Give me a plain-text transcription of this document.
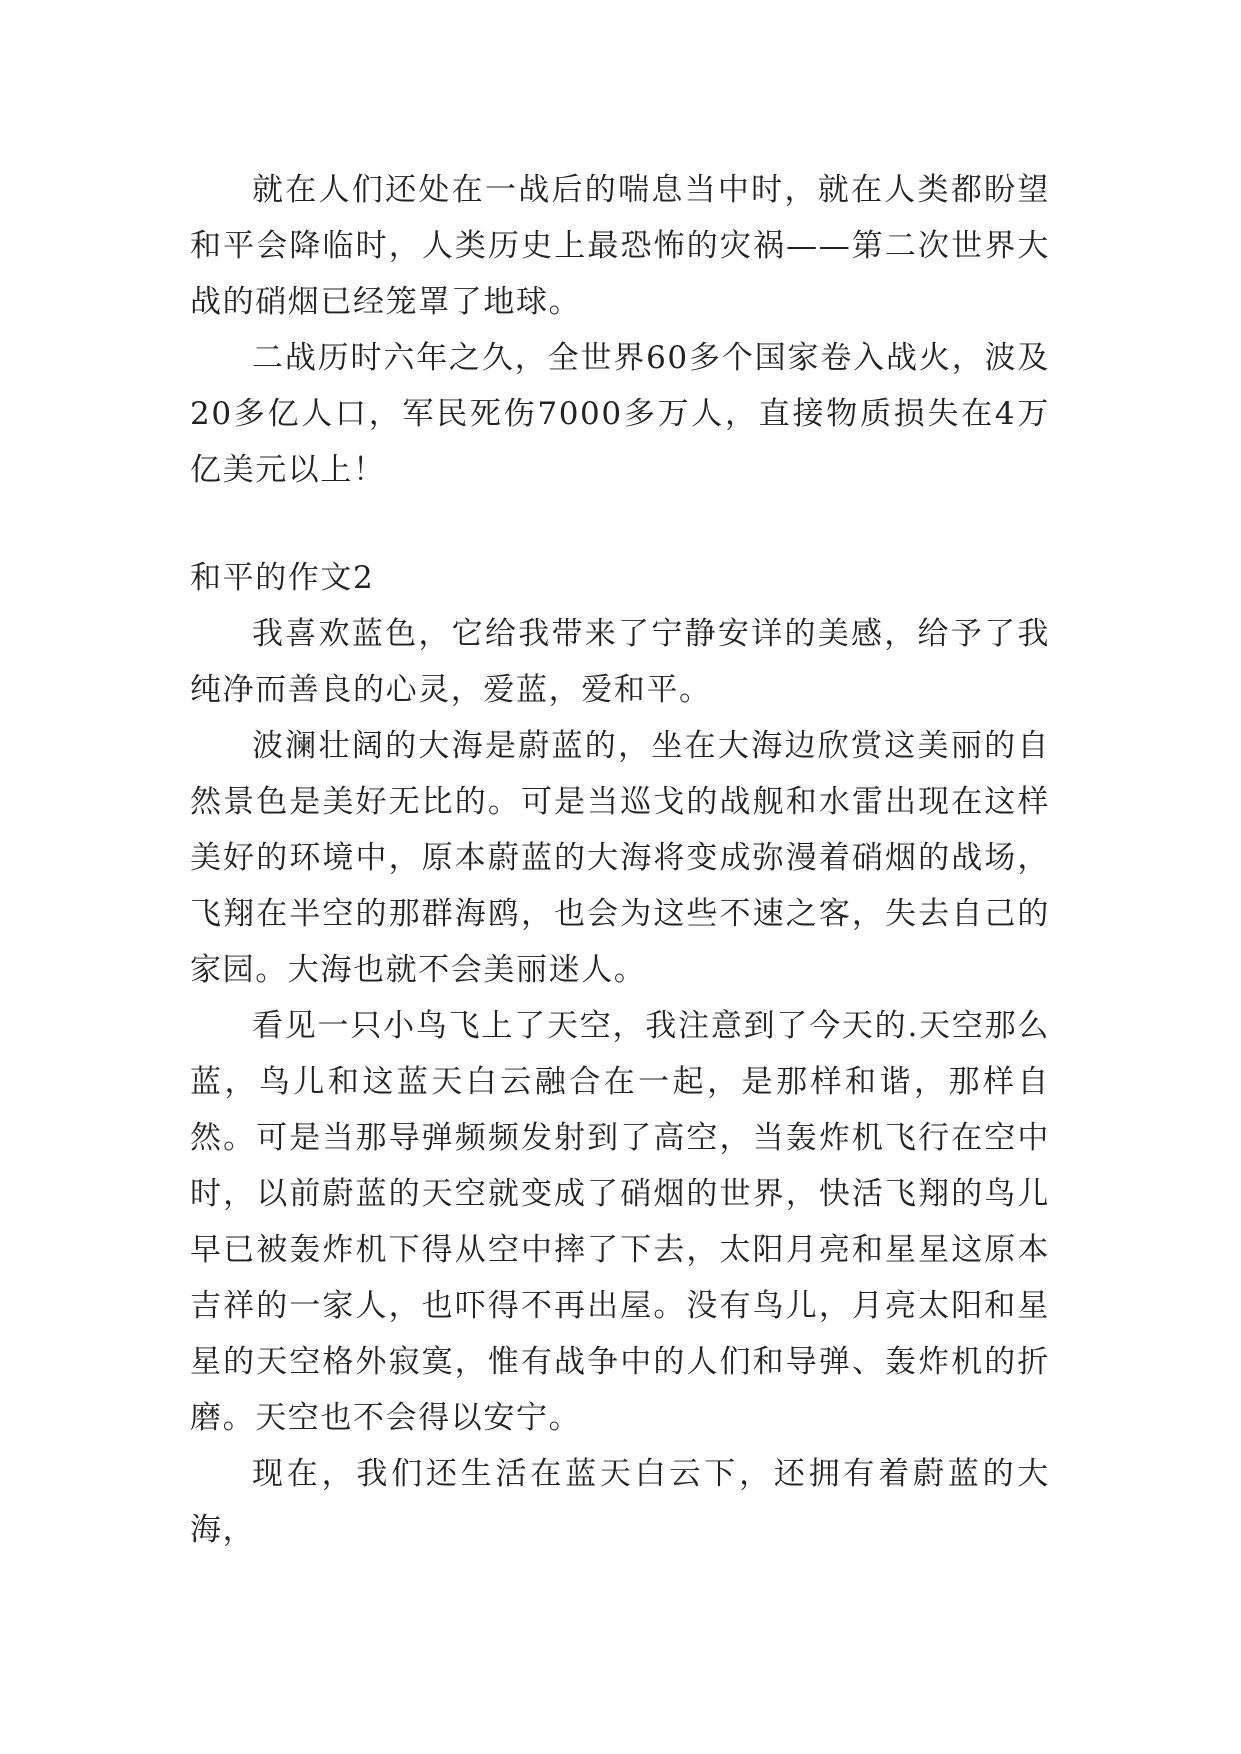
就在人们还处在一战后的喘息当中时，就在人类都盼望和平会降临时，人类历史上最恐怖的灾祸——第二次世界大战的硝烟已经笼罩了地球。

二战历时六年之久，全世界60多个国家卷入战火，波及20多亿人口，军民死伤7000多万人，直接物质损失在4万亿美元以上！

和平的作文2

我喜欢蓝色，它给我带来了宁静安详的美感，给予了我纯净而善良的心灵，爱蓝，爱和平。

波澜壮阔的大海是蔚蓝的，坐在大海边欣赏这美丽的自然景色是美好无比的。可是当巡戈的战舰和水雷出现在这样美好的环境中，原本蔚蓝的大海将变成弥漫着硝烟的战场，飞翔在半空的那群海鸥，也会为这些不速之客，失去自己的家园。大海也就不会美丽迷人。

看见一只小鸟飞上了天空，我注意到了今天的.天空那么蓝，鸟儿和这蓝天白云融合在一起，是那样和谐，那样自然。可是当那导弹频频发射到了高空，当轰炸机飞行在空中时，以前蔚蓝的天空就变成了硝烟的世界，快活飞翔的鸟儿早已被轰炸机下得从空中摔了下去，太阳月亮和星星这原本吉祥的一家人，也吓得不再出屋。没有鸟儿，月亮太阳和星星的天空格外寂寞，惟有战争中的人们和导弹、轰炸机的折磨。天空也不会得以安宁。

现在，我们还生活在蓝天白云下，还拥有着蔚蓝的大海，
